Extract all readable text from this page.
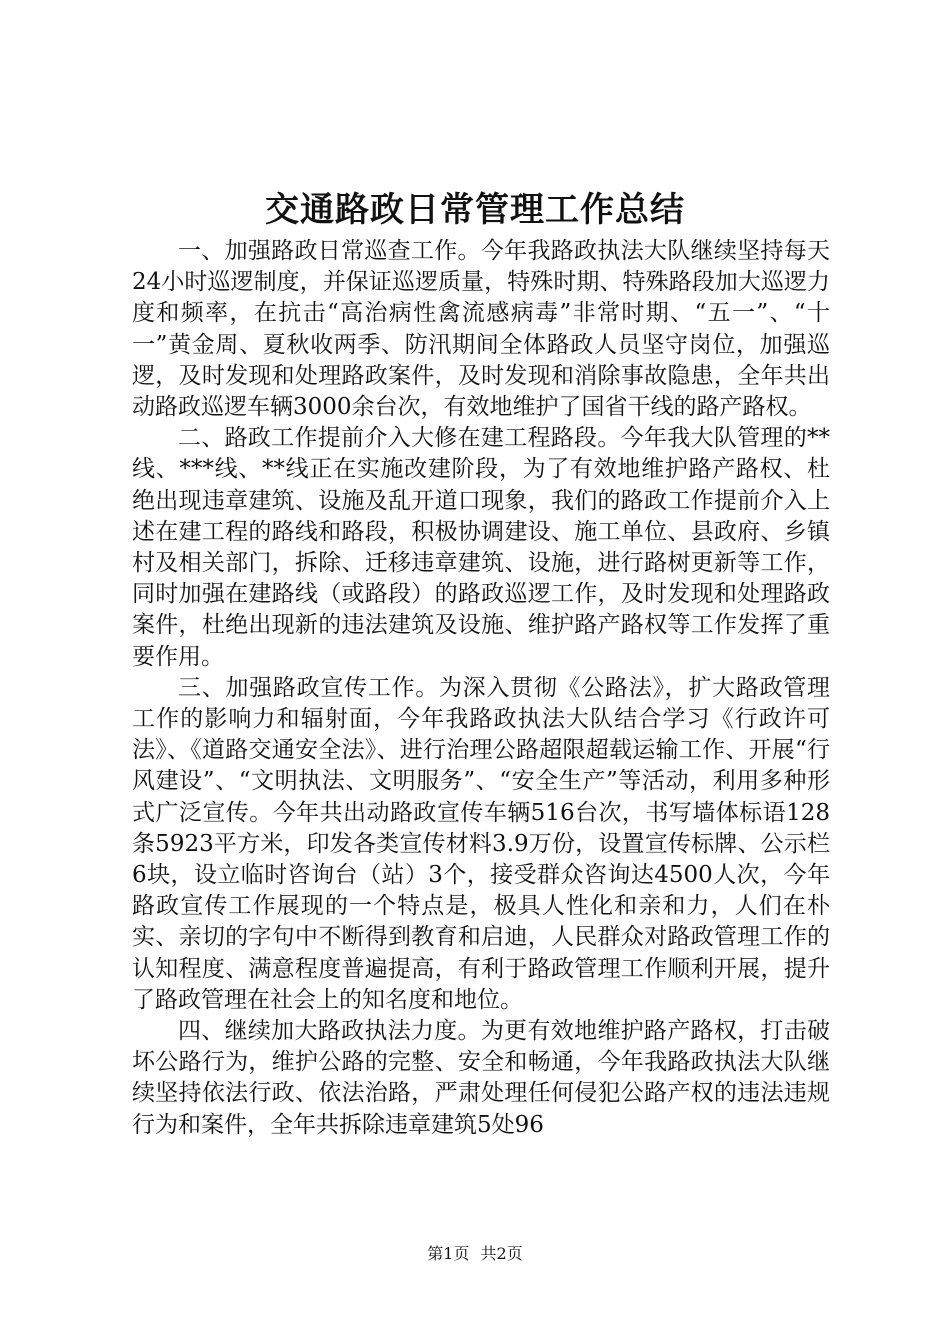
交通路政日常管理工作总结

一、加强路政日常巡查工作。今年我路政执法大队继续坚持每天24小时巡逻制度，并保证巡逻质量，特殊时期、特殊路段加大巡逻力度和频率，在抗击“高治病性禽流感病毒”非常时期、“五一”、“十一”黄金周、夏秋收两季、防汛期间全体路政人员坚守岗位，加强巡逻，及时发现和处理路政案件，及时发现和消除事故隐患，全年共出动路政巡逻车辆3000余台次，有效地维护了国省干线的路产路权。

二、路政工作提前介入大修在建工程路段。今年我大队管理的**线、***线、**线正在实施改建阶段，为了有效地维护路产路权、杜绝出现违章建筑、设施及乱开道口现象，我们的路政工作提前介入上述在建工程的路线和路段，积极协调建设、施工单位、县政府、乡镇村及相关部门，拆除、迁移违章建筑、设施，进行路树更新等工作，同时加强在建路线（或路段）的路政巡逻工作，及时发现和处理路政案件，杜绝出现新的违法建筑及设施、维护路产路权等工作发挥了重要作用。

三、加强路政宣传工作。为深入贯彻《公路法》，扩大路政管理工作的影响力和辐射面，今年我路政执法大队结合学习《行政许可法》、《道路交通安全法》、进行治理公路超限超载运输工作、开展“行风建设”、“文明执法、文明服务”、“安全生产”等活动，利用多种形式广泛宣传。今年共出动路政宣传车辆516台次，书写墙体标语128条5923平方米，印发各类宣传材料3.9万份，设置宣传标牌、公示栏6块，设立临时咨询台（站）3个，接受群众咨询达4500人次，今年路政宣传工作展现的一个特点是，极具人性化和亲和力，人们在朴实、亲切的字句中不断得到教育和启迪，人民群众对路政管理工作的认知程度、满意程度普遍提高，有利于路政管理工作顺利开展，提升了路政管理在社会上的知名度和地位。

四、继续加大路政执法力度。为更有效地维护路产路权，打击破坏公路行为，维护公路的完整、安全和畅通，今年我路政执法大队继续坚持依法行政、依法治路，严肃处理任何侵犯公路产权的违法违规行为和案件，全年共拆除违章建筑5处96

第1页 共2页
